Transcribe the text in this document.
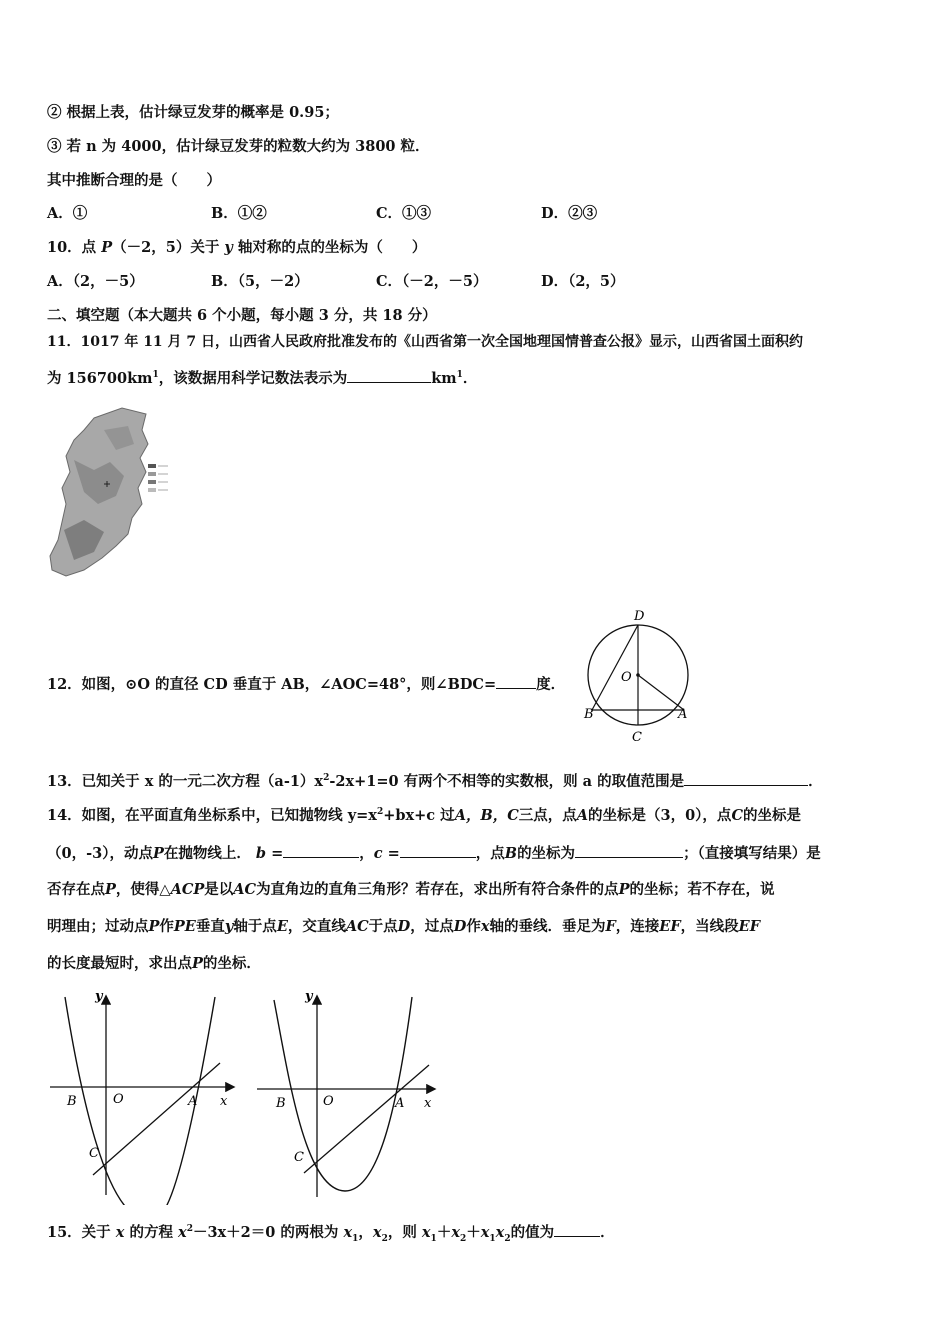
② 根据上表，估计绿豆发芽的概率是 0.95；
③ 若 n 为 4000，估计绿豆发芽的粒数大约为 3800 粒．
其中推断合理的是（　　）
A．①	B．①②	C．①③	D．②③
10．点 P（－2，5）关于 y 轴对称的点的坐标为（　　）
A．（2，－5）	B．（5，－2）	C．（－2，－5）	D．（2，5）
二、填空题（本大题共 6 个小题，每小题 3 分，共 18 分）
11．1017 年 11 月 7 日，山西省人民政府批准发布的《山西省第一次全国地理国情普查公报》显示，山西省国土面积约
为 $156700km^1$，该数据用科学记数法表示为	$km^1$．
12．如图，⊙O 的直径 CD 垂直于 AB，∠AOC=48°，则∠BDC=	度．
D
O
B	A
C
13．已知关于 x 的一元二次方程$(a-1)x^2-2x+1=0$ 有两个不相等的实数根，则 a 的取值范围是	．
14．如图，在平面直角坐标系中，已知抛物线 $y=x^2+bx+c$ 过A，B，C三点，点A的坐标是（3，0），点C的坐标是
（0，-3），动点P在抛物线上． b =	，c =	，点B的坐标为	；（直接填写结果）是
否存在点P，使得△ACP是以AC为直角边的直角三角形？若存在，求出所有符合条件的点P的坐标；若不存在，说
明理由；过动点P作PE垂直y轴于点E，交直线AC于点D，过点D作x轴的垂线．垂足为F，连接EF，当线段EF
的长度最短时，求出点P的坐标．
y
x
B	O	A
C
y
x
B	O	A
C
15．关于 x 的方程 $x^2-3x+2=0$ 的两根为 $x_1$，$x_2$，则 $x_1+x_2+x_1x_2$的值为	．
